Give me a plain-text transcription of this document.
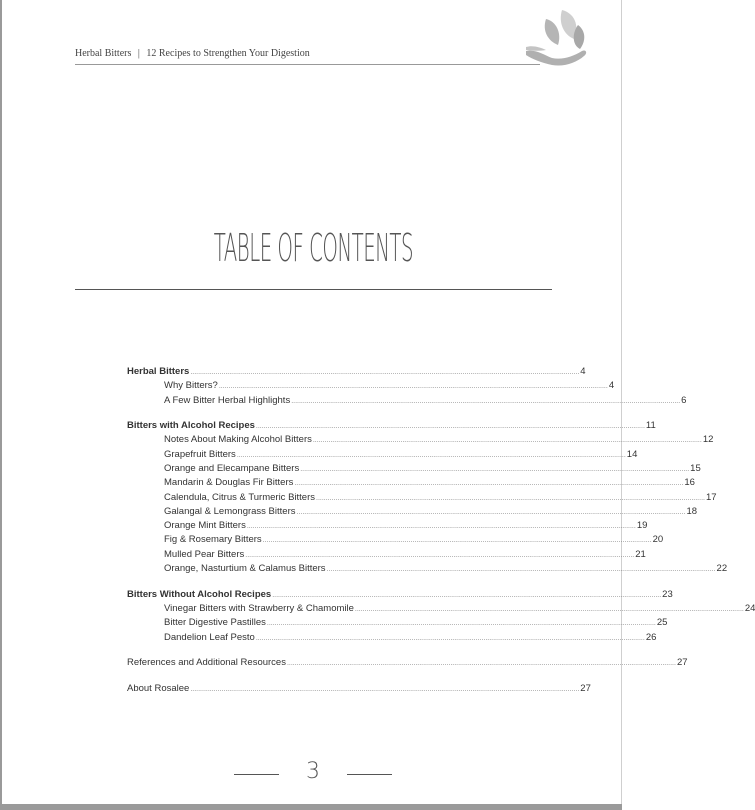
Herbal Bitters | 12 Recipes to Strengthen Your Digestion
TABLE OF CONTENTS
Herbal Bitters ........................................................................................................................................................................................................ 4
Why Bitters? ........................................................................................................................................................................................................ 4
A Few Bitter Herbal Highlights ........................................................................................................................................................................................................ 6
Bitters with Alcohol Recipes ........................................................................................................................................................................................................ 11
Notes About Making Alcohol Bitters ........................................................................................................................................................................................................ 12
Grapefruit Bitters ........................................................................................................................................................................................................ 14
Orange and Elecampane Bitters ........................................................................................................................................................................................................ 15
Mandarin & Douglas Fir Bitters ........................................................................................................................................................................................................ 16
Calendula, Citrus & Turmeric Bitters ........................................................................................................................................................................................................ 17
Galangal & Lemongrass Bitters ........................................................................................................................................................................................................ 18
Orange Mint Bitters ........................................................................................................................................................................................................ 19
Fig & Rosemary Bitters ........................................................................................................................................................................................................ 20
Mulled Pear Bitters ........................................................................................................................................................................................................ 21
Orange, Nasturtium & Calamus Bitters ........................................................................................................................................................................................................ 22
Bitters Without Alcohol Recipes ........................................................................................................................................................................................................ 23
Vinegar Bitters with Strawberry & Chamomile ........................................................................................................................................................................................................ 24
Bitter Digestive Pastilles ........................................................................................................................................................................................................ 25
Dandelion Leaf Pesto ........................................................................................................................................................................................................ 26
References and Additional Resources ........................................................................................................................................................................................................ 27
About Rosalee ........................................................................................................................................................................................................ 27
3
